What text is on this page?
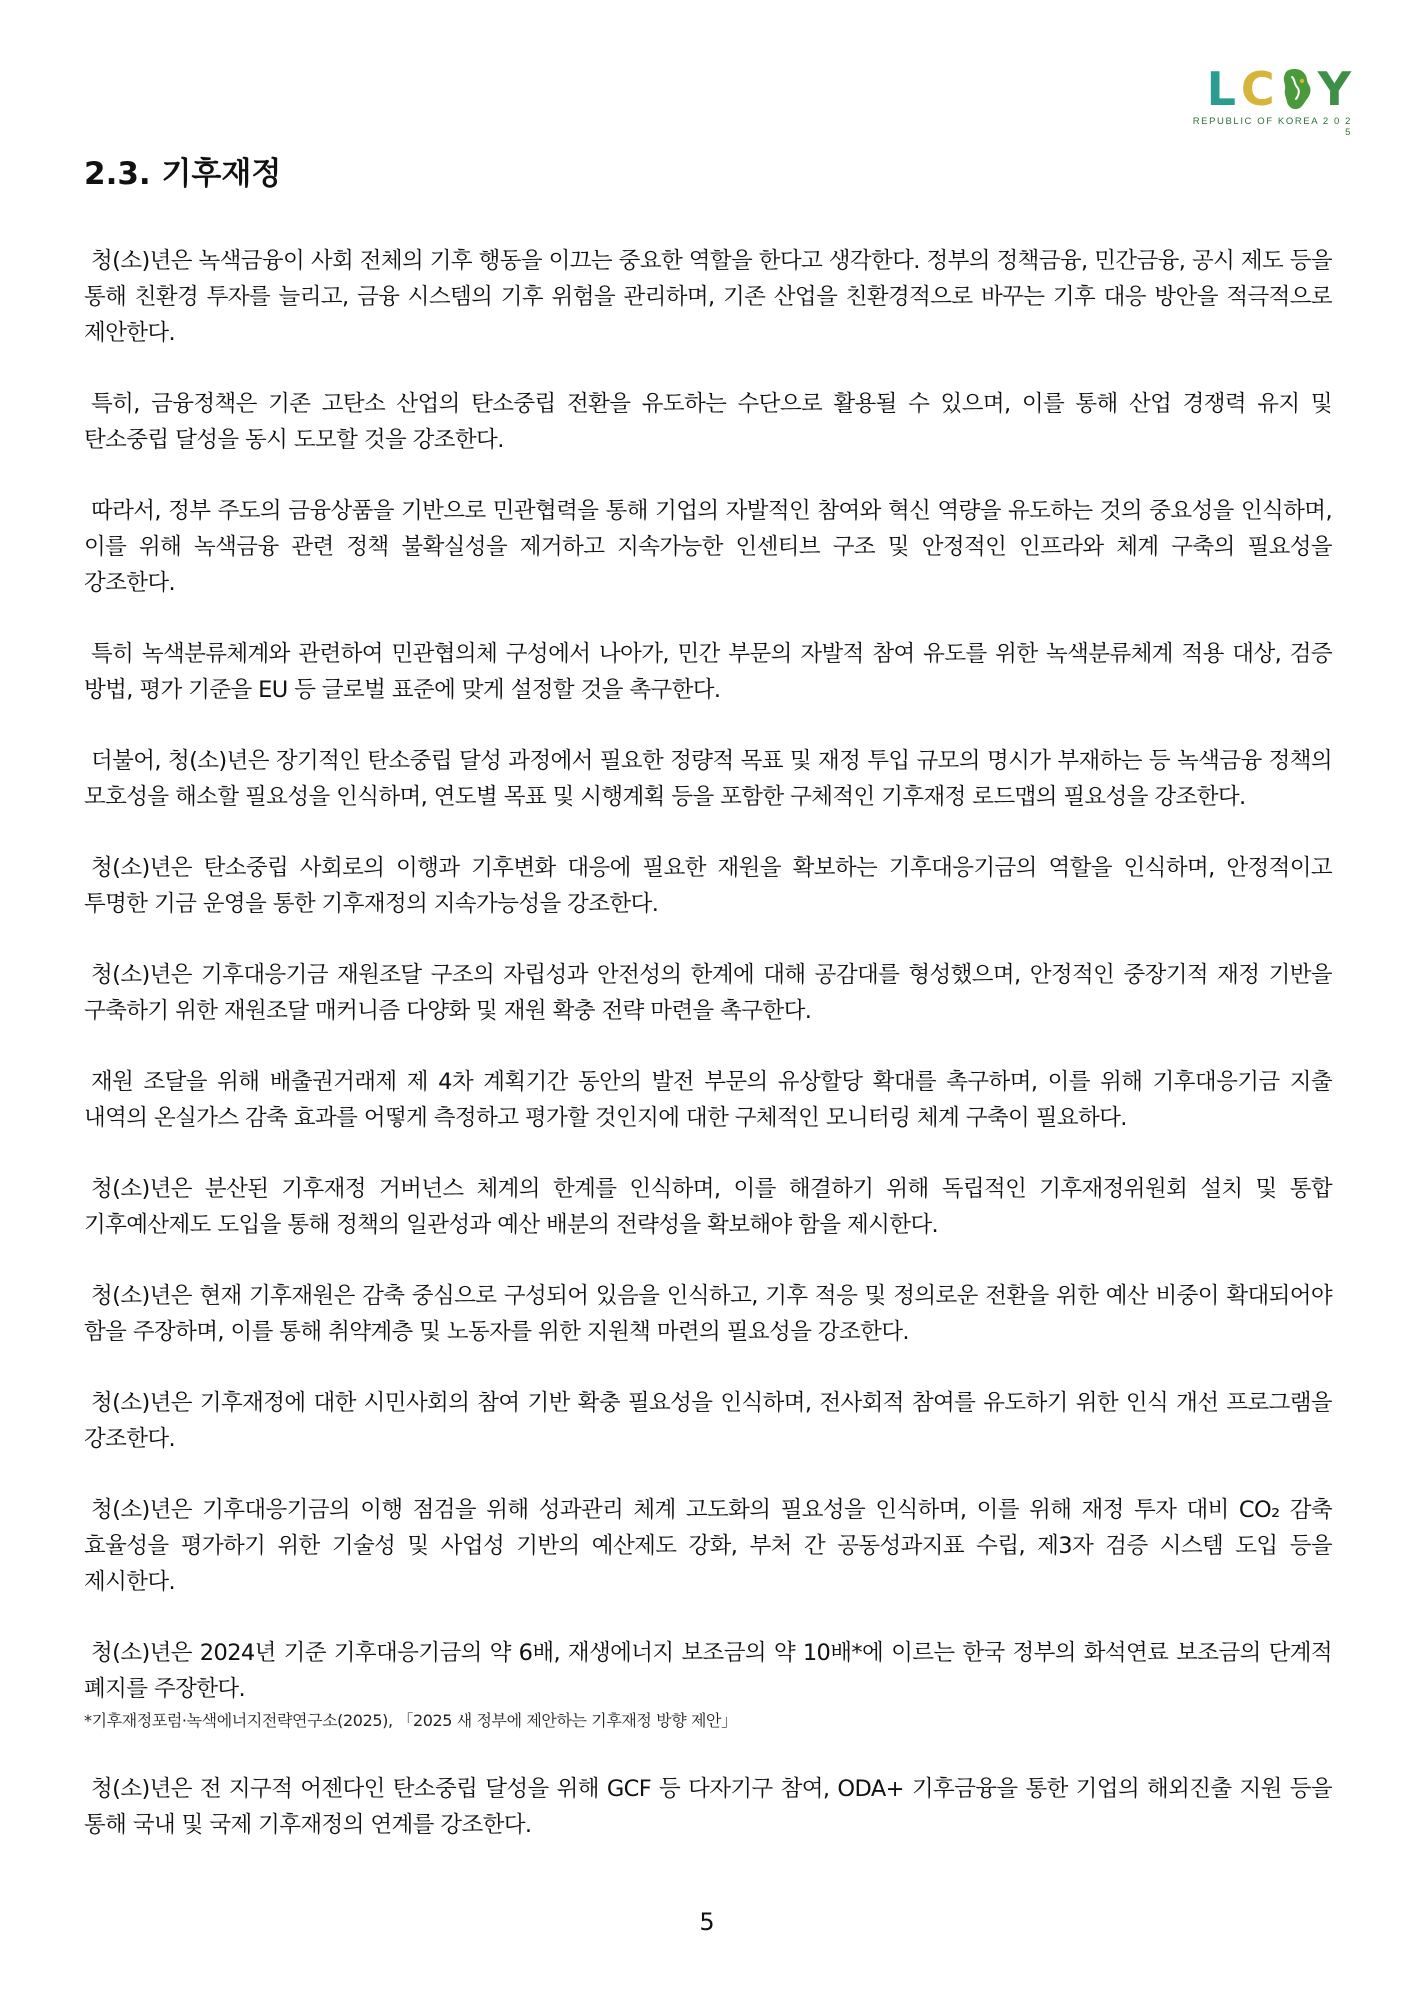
L C Y
REPUBLIC OF KOREA 2 0 2 5
2.3. 기후재정

청(소)년은 녹색금융이 사회 전체의 기후 행동을 이끄는 중요한 역할을 한다고 생각한다. 정부의 정책금융, 민간금융, 공시 제도 등을 통해 친환경 투자를 늘리고, 금융 시스템의 기후 위험을 관리하며, 기존 산업을 친환경적으로 바꾸는 기후 대응 방안을 적극적으로 제안한다.

특히, 금융정책은 기존 고탄소 산업의 탄소중립 전환을 유도하는 수단으로 활용될 수 있으며, 이를 통해 산업 경쟁력 유지 및 탄소중립 달성을 동시 도모할 것을 강조한다.

따라서, 정부 주도의 금융상품을 기반으로 민관협력을 통해 기업의 자발적인 참여와 혁신 역량을 유도하는 것의 중요성을 인식하며, 이를 위해 녹색금융 관련 정책 불확실성을 제거하고 지속가능한 인센티브 구조 및 안정적인 인프라와 체계 구축의 필요성을 강조한다.

특히 녹색분류체계와 관련하여 민관협의체 구성에서 나아가, 민간 부문의 자발적 참여 유도를 위한 녹색분류체계 적용 대상, 검증 방법, 평가 기준을 EU 등 글로벌 표준에 맞게 설정할 것을 촉구한다.

더불어, 청(소)년은 장기적인 탄소중립 달성 과정에서 필요한 정량적 목표 및 재정 투입 규모의 명시가 부재하는 등 녹색금융 정책의 모호성을 해소할 필요성을 인식하며, 연도별 목표 및 시행계획 등을 포함한 구체적인 기후재정 로드맵의 필요성을 강조한다.

청(소)년은 탄소중립 사회로의 이행과 기후변화 대응에 필요한 재원을 확보하는 기후대응기금의 역할을 인식하며, 안정적이고 투명한 기금 운영을 통한 기후재정의 지속가능성을 강조한다.

청(소)년은 기후대응기금 재원조달 구조의 자립성과 안전성의 한계에 대해 공감대를 형성했으며, 안정적인 중장기적 재정 기반을 구축하기 위한 재원조달 매커니즘 다양화 및 재원 확충 전략 마련을 촉구한다.

재원 조달을 위해 배출권거래제 제 4차 계획기간 동안의 발전 부문의 유상할당 확대를 촉구하며, 이를 위해 기후대응기금 지출 내역의 온실가스 감축 효과를 어떻게 측정하고 평가할 것인지에 대한 구체적인 모니터링 체계 구축이 필요하다.

청(소)년은 분산된 기후재정 거버넌스 체계의 한계를 인식하며, 이를 해결하기 위해 독립적인 기후재정위원회 설치 및 통합 기후예산제도 도입을 통해 정책의 일관성과 예산 배분의 전략성을 확보해야 함을 제시한다.

청(소)년은 현재 기후재원은 감축 중심으로 구성되어 있음을 인식하고, 기후 적응 및 정의로운 전환을 위한 예산 비중이 확대되어야 함을 주장하며, 이를 통해 취약계층 및 노동자를 위한 지원책 마련의 필요성을 강조한다.

청(소)년은 기후재정에 대한 시민사회의 참여 기반 확충 필요성을 인식하며, 전사회적 참여를 유도하기 위한 인식 개선 프로그램을 강조한다.

청(소)년은 기후대응기금의 이행 점검을 위해 성과관리 체계 고도화의 필요성을 인식하며, 이를 위해 재정 투자 대비 CO₂ 감축 효율성을 평가하기 위한 기술성 및 사업성 기반의 예산제도 강화, 부처 간 공동성과지표 수립, 제3자 검증 시스템 도입 등을 제시한다.

청(소)년은 2024년 기준 기후대응기금의 약 6배, 재생에너지 보조금의 약 10배*에 이르는 한국 정부의 화석연료 보조금의 단계적 폐지를 주장한다.

*기후재정포럼·녹색에너지전략연구소(2025), 「2025 새 정부에 제안하는 기후재정 방향 제안」

청(소)년은 전 지구적 어젠다인 탄소중립 달성을 위해 GCF 등 다자기구 참여, ODA+ 기후금융을 통한 기업의 해외진출 지원 등을 통해 국내 및 국제 기후재정의 연계를 강조한다.

5
